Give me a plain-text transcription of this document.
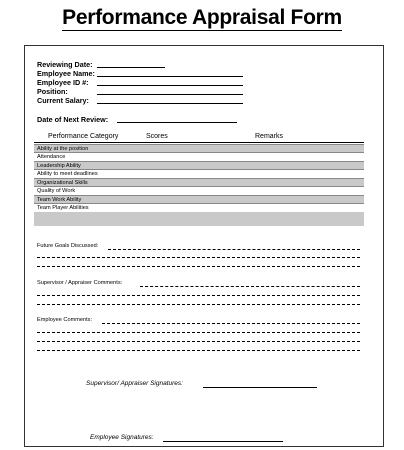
Performance Appraisal Form
Reviewing Date:
Employee Name:
Employee ID #:
Position:
Current Salary:
Date of Next Review:
Performance Category	Scores	Remarks
Ability at the position
Attendance
Leadership Ability
Ability to meet deadlines
Organizational Skills
Quality of Work
Team Work Ability
Team Player Abilities
Future Goals Discussed:
Supervisor / Appraiser Comments:
Employee Comments:
Supervisor/ Appraiser Signatures:
Employee Signatures:
